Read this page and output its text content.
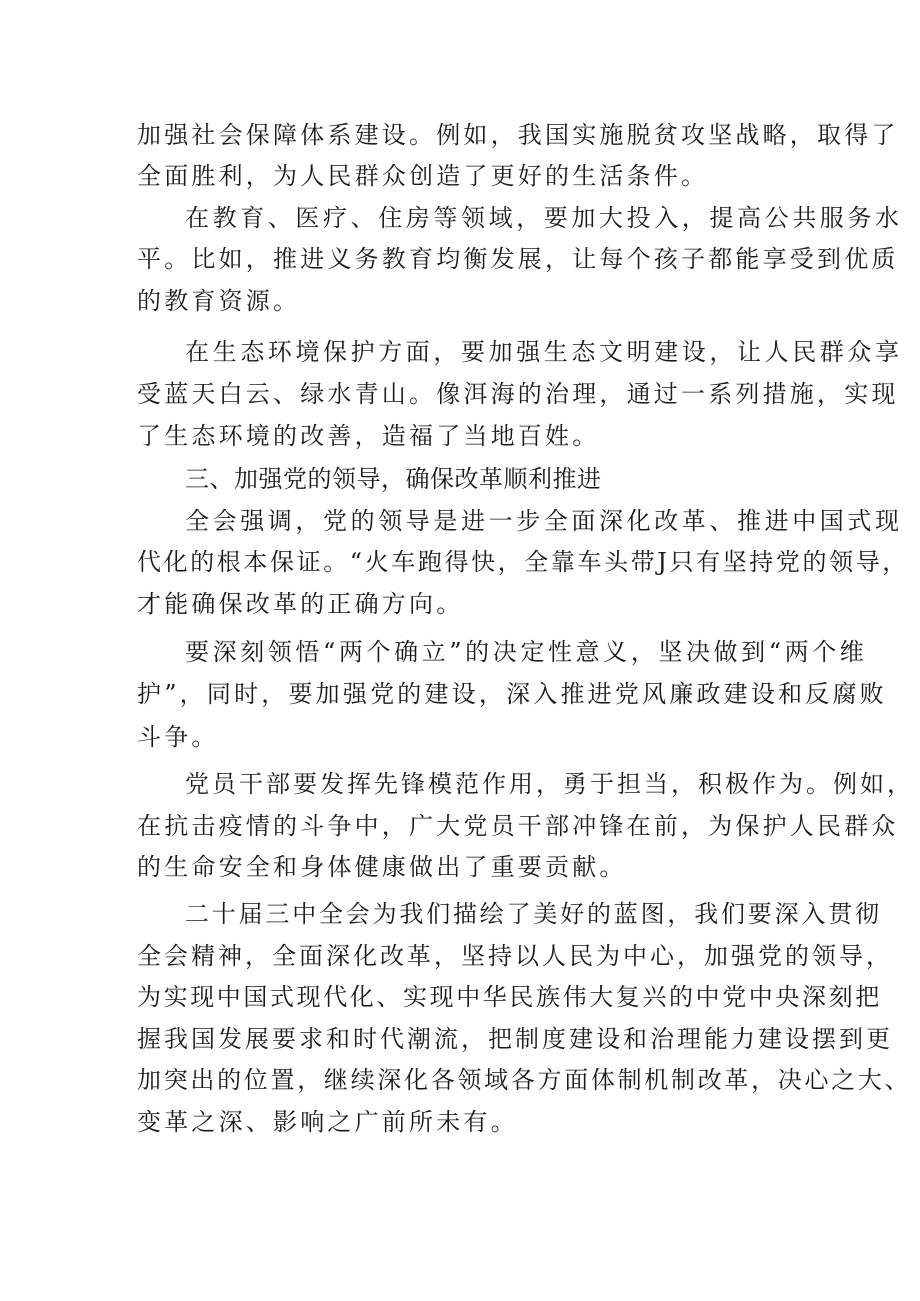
加强社会保障体系建设。例如，我国实施脱贫攻坚战略，取得了

全面胜利，为人民群众创造了更好的生活条件。

在教育、医疗、住房等领域，要加大投入，提高公共服务水

平。比如，推进义务教育均衡发展，让每个孩子都能享受到优质

的教育资源。

在生态环境保护方面，要加强生态文明建设，让人民群众享

受蓝天白云、绿水青山。像洱海的治理，通过一系列措施，实现

了生态环境的改善，造福了当地百姓。

三、加强党的领导，确保改革顺利推进

全会强调，党的领导是进一步全面深化改革、推进中国式现

代化的根本保证。“火车跑得快，全靠车头带J只有坚持党的领导，

才能确保改革的正确方向。

要深刻领悟“两个确立”的决定性意义，坚决做到“两个维

护”，同时，要加强党的建设，深入推进党风廉政建设和反腐败

斗争。

党员干部要发挥先锋模范作用，勇于担当，积极作为。例如，

在抗击疫情的斗争中，广大党员干部冲锋在前，为保护人民群众

的生命安全和身体健康做出了重要贡献。

二十届三中全会为我们描绘了美好的蓝图，我们要深入贯彻

全会精神，全面深化改革，坚持以人民为中心，加强党的领导，

为实现中国式现代化、实现中华民族伟大复兴的中党中央深刻把

握我国发展要求和时代潮流，把制度建设和治理能力建设摆到更

加突出的位置，继续深化各领域各方面体制机制改革，决心之大、

变革之深、影响之广前所未有。
